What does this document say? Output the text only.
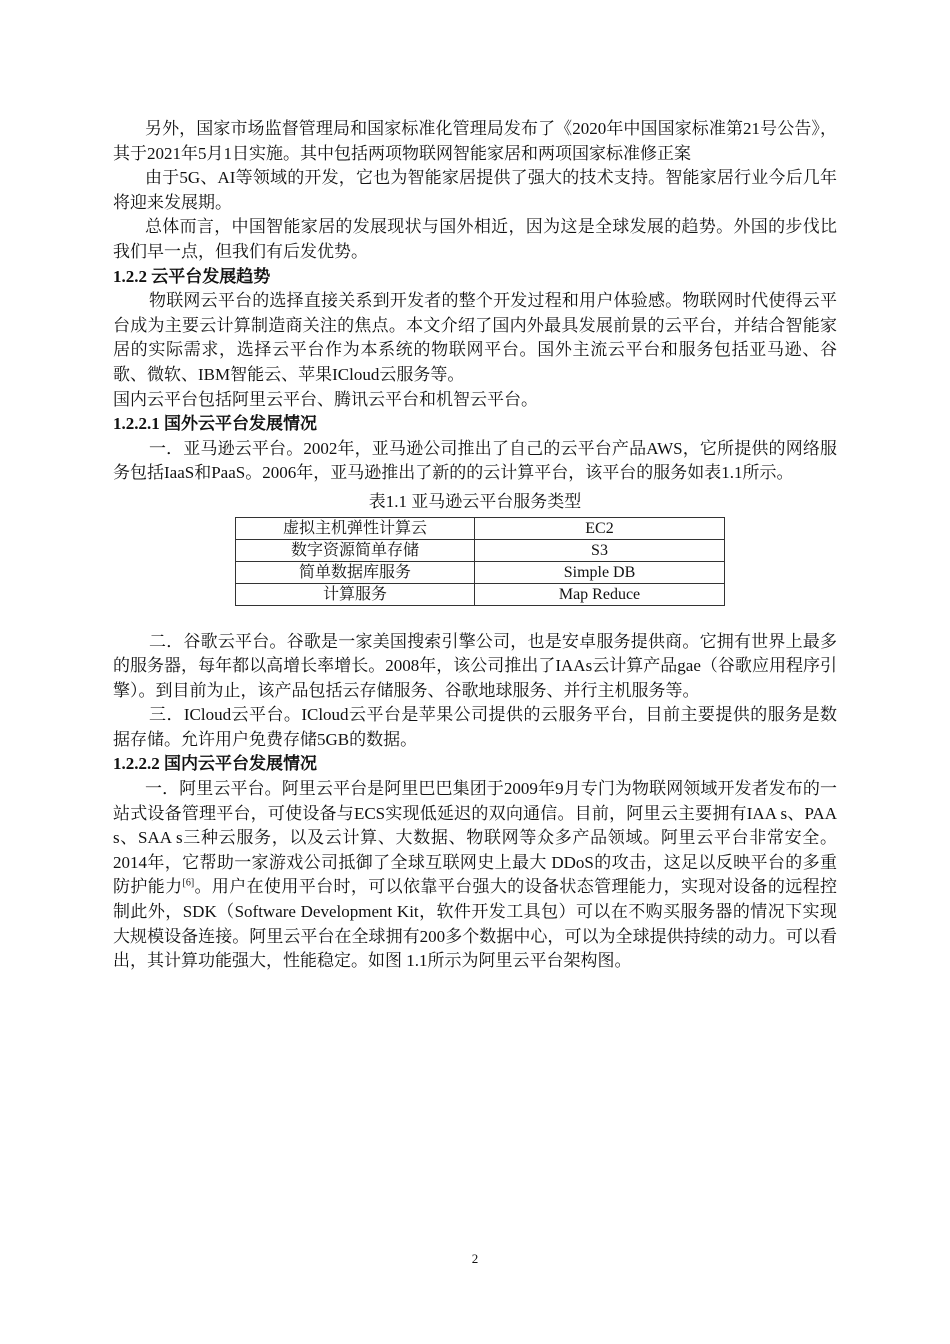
另外，国家市场监督管理局和国家标准化管理局发布了《2020年中国国家标准第21号公告》，其于2021年5月1日实施。其中包括两项物联网智能家居和两项国家标准修正案

由于5G、AI等领域的开发，它也为智能家居提供了强大的技术支持。智能家居行业今后几年将迎来发展期。

总体而言，中国智能家居的发展现状与国外相近，因为这是全球发展的趋势。外国的步伐比我们早一点，但我们有后发优势。

1.2.2 云平台发展趋势

物联网云平台的选择直接关系到开发者的整个开发过程和用户体验感。物联网时代使得云平台成为主要云计算制造商关注的焦点。本文介绍了国内外最具发展前景的云平台，并结合智能家居的实际需求，选择云平台作为本系统的物联网平台。国外主流云平台和服务包括亚马逊、谷歌、微软、IBM智能云、苹果ICloud云服务等。

国内云平台包括阿里云平台、腾讯云平台和机智云平台。

1.2.2.1 国外云平台发展情况

一．亚马逊云平台。2002年，亚马逊公司推出了自己的云平台产品AWS，它所提供的网络服务包括IaaS和PaaS。2006年，亚马逊推出了新的的云计算平台，该平台的服务如表1.1所示。

表1.1 亚马逊云平台服务类型
虚拟主机弹性计算云	EC2
数字资源简单存储	S3
简单数据库服务	Simple DB
计算服务	Map Reduce

二．谷歌云平台。谷歌是一家美国搜索引擎公司，也是安卓服务提供商。它拥有世界上最多的服务器，每年都以高增长率增长。2008年，该公司推出了IAAs云计算产品gae（谷歌应用程序引擎）。到目前为止，该产品包括云存储服务、谷歌地球服务、并行主机服务等。

三．ICloud云平台。ICloud云平台是苹果公司提供的云服务平台，目前主要提供的服务是数据存储。允许用户免费存储5GB的数据。

1.2.2.2 国内云平台发展情况

一．阿里云平台。阿里云平台是阿里巴巴集团于2009年9月专门为物联网领域开发者发布的一站式设备管理平台，可使设备与ECS实现低延迟的双向通信。目前，阿里云主要拥有IAA s、PAA s、SAA s三种云服务，以及云计算、大数据、物联网等众多产品领域。阿里云平台非常安全。2014年，它帮助一家游戏公司抵御了全球互联网史上最大 DDoS的攻击，这足以反映平台的多重防护能力[6]。用户在使用平台时，可以依靠平台强大的设备状态管理能力，实现对设备的远程控制此外，SDK（Software Development Kit，软件开发工具包）可以在不购买服务器的情况下实现大规模设备连接。阿里云平台在全球拥有200多个数据中心，可以为全球提供持续的动力。可以看出，其计算功能强大，性能稳定。如图 1.1所示为阿里云平台架构图。

2
